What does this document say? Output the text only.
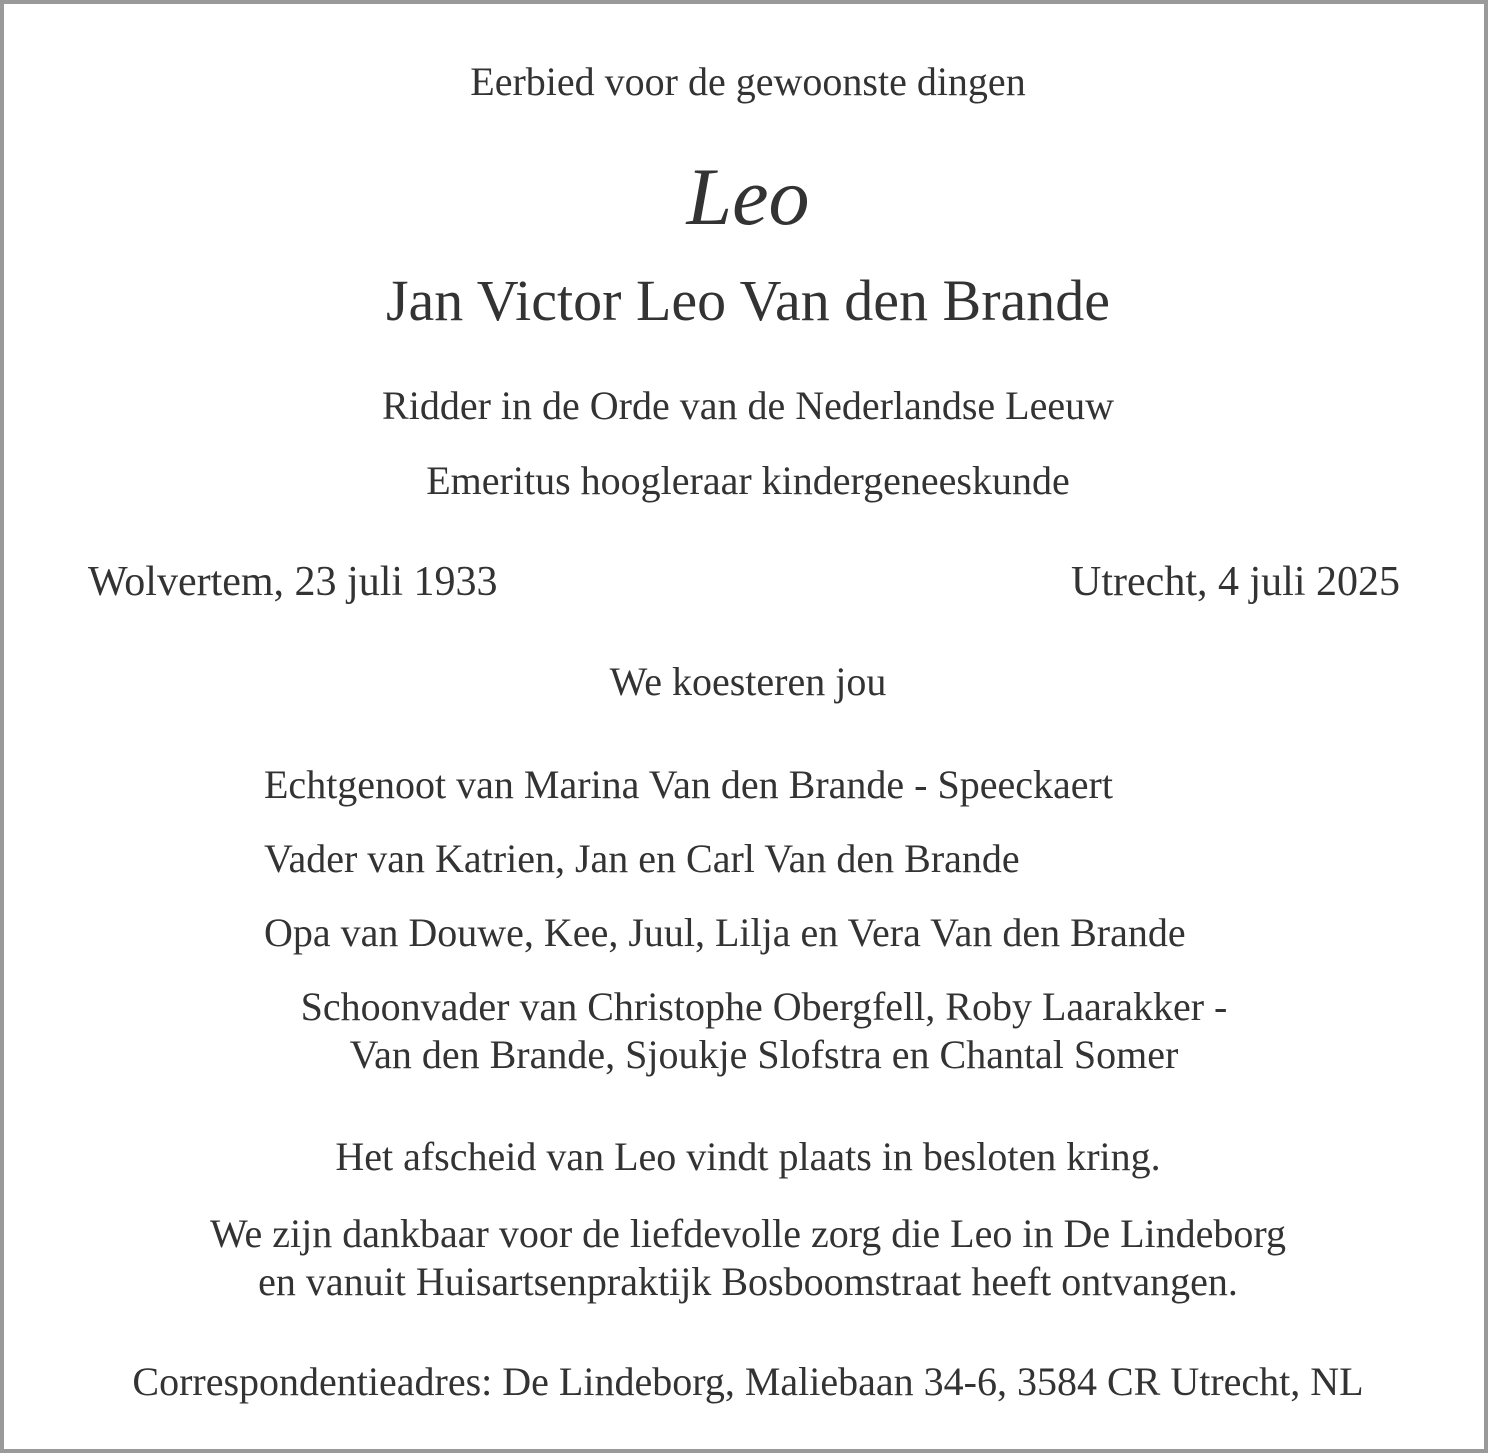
Eerbied voor de gewoonste dingen
Leo
Jan Victor Leo Van den Brande
Ridder in de Orde van de Nederlandse Leeuw
Emeritus hoogleraar kindergeneeskunde
Wolvertem, 23 juli 1933	Utrecht, 4 juli 2025
We koesteren jou
Echtgenoot van Marina Van den Brande - Speeckaert
Vader van Katrien, Jan en Carl Van den Brande
Opa van Douwe, Kee, Juul, Lilja en Vera Van den Brande
Schoonvader van Christophe Obergfell, Roby Laarakker -
Van den Brande, Sjoukje Slofstra en Chantal Somer
Het afscheid van Leo vindt plaats in besloten kring.
We zijn dankbaar voor de liefdevolle zorg die Leo in De Lindeborg
en vanuit Huisartsenpraktijk Bosboomstraat heeft ontvangen.
Correspondentieadres: De Lindeborg, Maliebaan 34-6, 3584 CR Utrecht, NL
